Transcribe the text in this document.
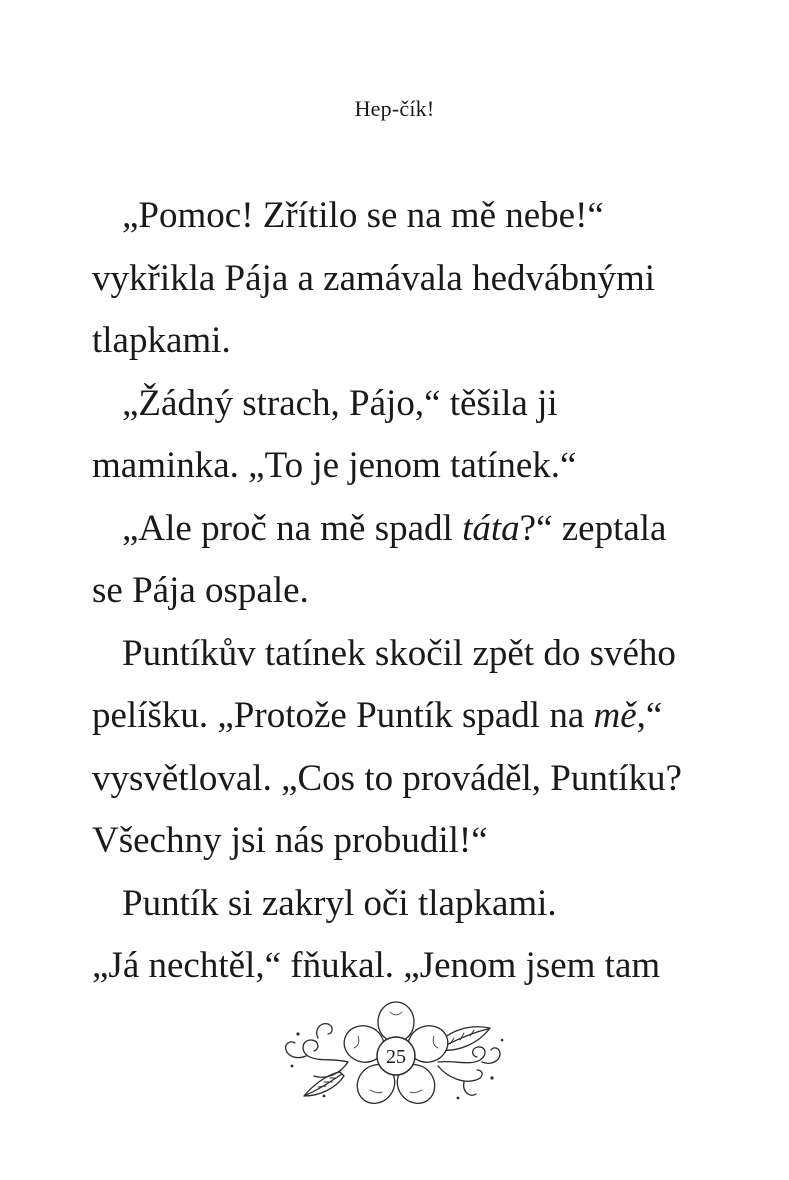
Hep-čík!
„Pomoc! Zřítilo se na mě nebe!“
vykřikla Pája a zamávala hedvábnými
tlapkami.
„Žádný strach, Pájo,“ těšila ji
maminka. „To je jenom tatínek.“
„Ale proč na mě spadl táta?“ zeptala
se Pája ospale.
Puntíkův tatínek skočil zpět do svého
pelíšku. „Protože Puntík spadl na mě,“
vysvětloval. „Cos to prováděl, Puntíku?
Všechny jsi nás probudil!“
Puntík si zakryl oči tlapkami.
„Já nechtěl,“ fňukal. „Jenom jsem tam
25
